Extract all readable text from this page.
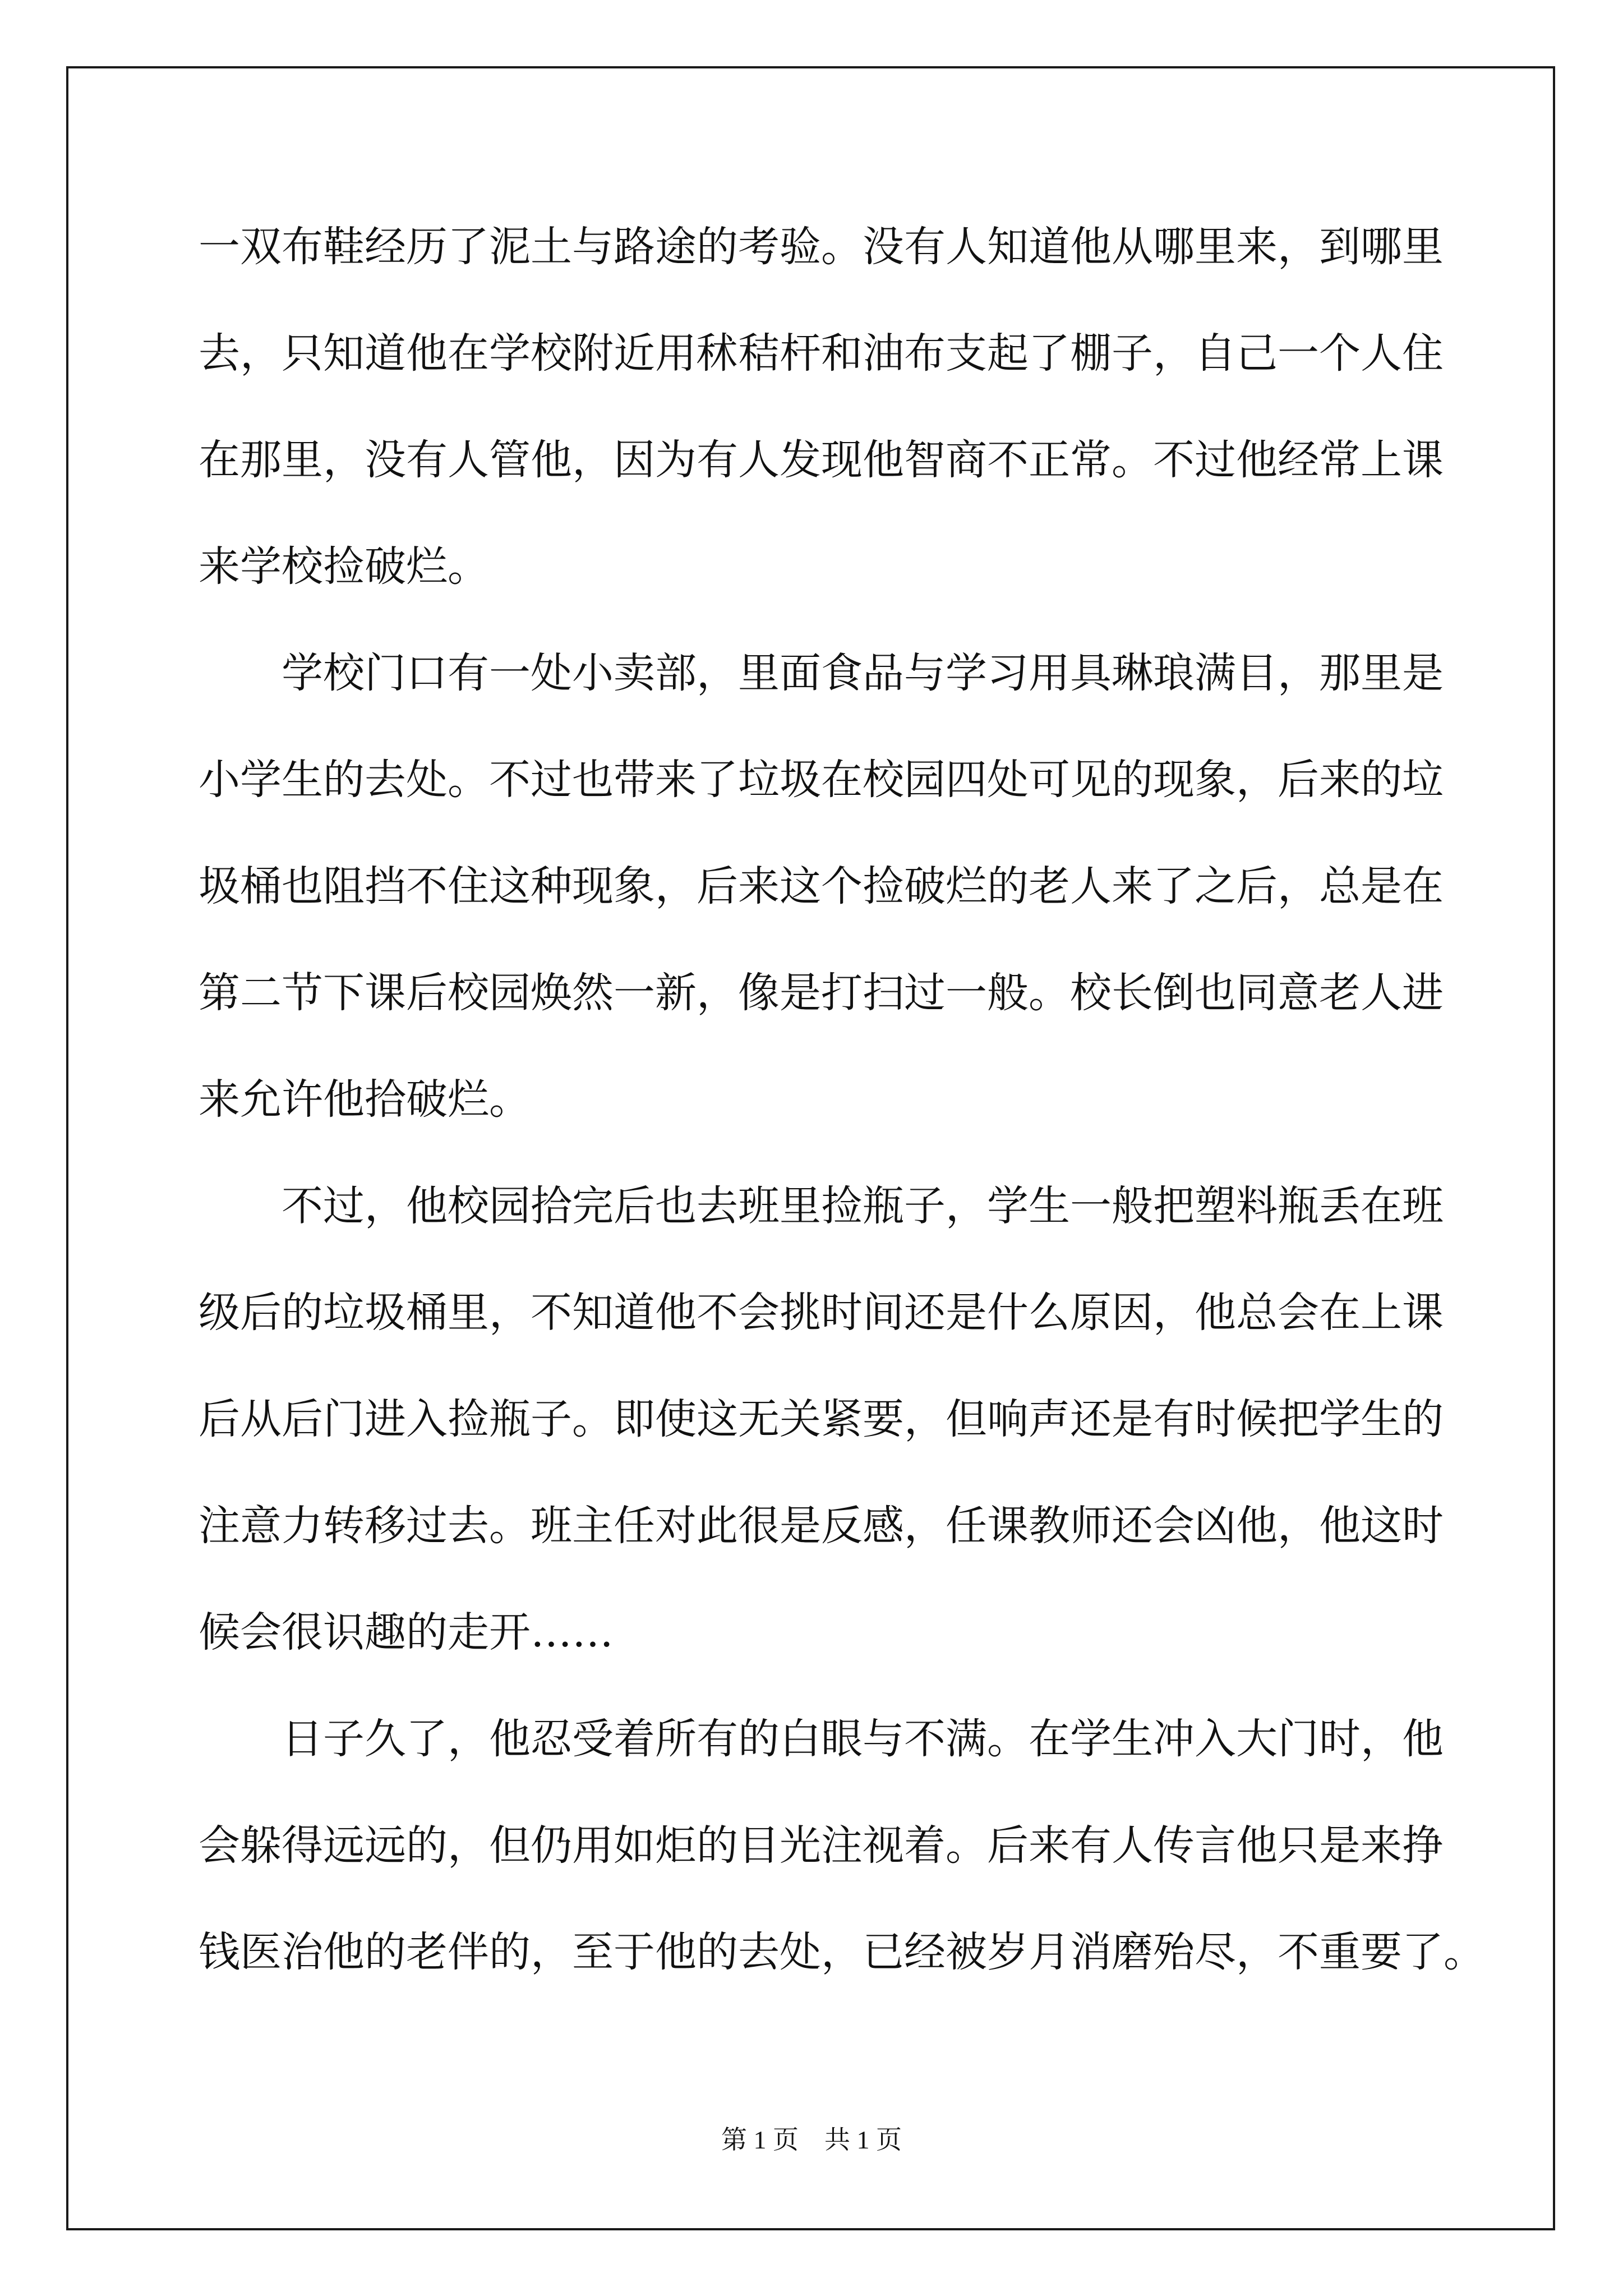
一双布鞋经历了泥土与路途的考验。没有人知道他从哪里来，到哪里
去，只知道他在学校附近用秫秸杆和油布支起了棚子，自己一个人住
在那里，没有人管他，因为有人发现他智商不正常。不过他经常上课
来学校捡破烂。
学校门口有一处小卖部，里面食品与学习用具琳琅满目，那里是
小学生的去处。不过也带来了垃圾在校园四处可见的现象，后来的垃
圾桶也阻挡不住这种现象，后来这个捡破烂的老人来了之后，总是在
第二节下课后校园焕然一新，像是打扫过一般。校长倒也同意老人进
来允许他拾破烂。
不过，他校园拾完后也去班里捡瓶子，学生一般把塑料瓶丢在班
级后的垃圾桶里，不知道他不会挑时间还是什么原因，他总会在上课
后从后门进入捡瓶子。即使这无关紧要，但响声还是有时候把学生的
注意力转移过去。班主任对此很是反感，任课教师还会凶他，他这时
候会很识趣的走开……
日子久了，他忍受着所有的白眼与不满。在学生冲入大门时，他
会躲得远远的，但仍用如炬的目光注视着。后来有人传言他只是来挣
钱医治他的老伴的，至于他的去处，已经被岁月消磨殆尽，不重要了。
第 1 页　共 1 页
